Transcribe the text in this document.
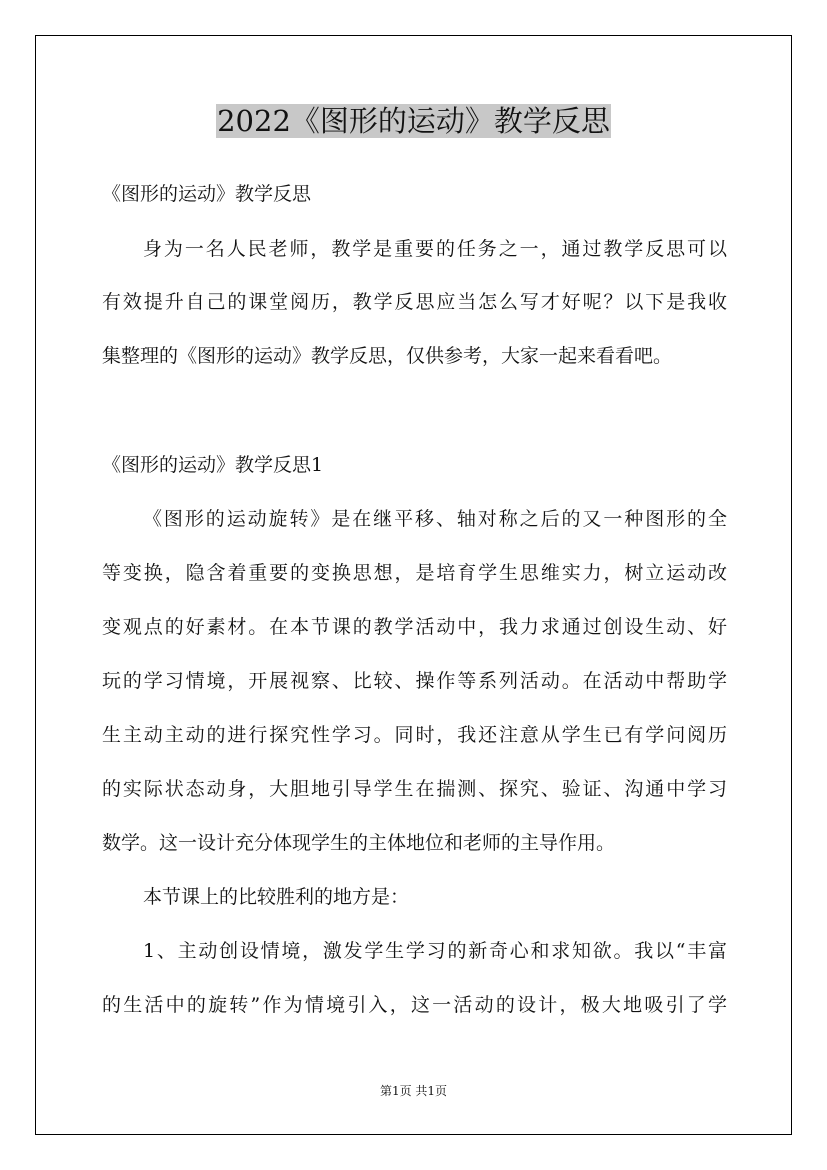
2022《图形的运动》教学反思

《图形的运动》教学反思

身为一名人民老师，教学是重要的任务之一，通过教学反思可以

有效提升自己的课堂阅历，教学反思应当怎么写才好呢？以下是我收

集整理的《图形的运动》教学反思，仅供参考，大家一起来看看吧。

《图形的运动》教学反思1

《图形的运动旋转》是在继平移、轴对称之后的又一种图形的全

等变换，隐含着重要的变换思想，是培育学生思维实力，树立运动改

变观点的好素材。在本节课的教学活动中，我力求通过创设生动、好

玩的学习情境，开展视察、比较、操作等系列活动。在活动中帮助学

生主动主动的进行探究性学习。同时，我还注意从学生已有学问阅历

的实际状态动身，大胆地引导学生在揣测、探究、验证、沟通中学习

数学。这一设计充分体现学生的主体地位和老师的主导作用。

本节课上的比较胜利的地方是：

1、主动创设情境，激发学生学习的新奇心和求知欲。我以“丰富

的生活中的旋转”作为情境引入，这一活动的设计，极大地吸引了学

第1页 共1页
